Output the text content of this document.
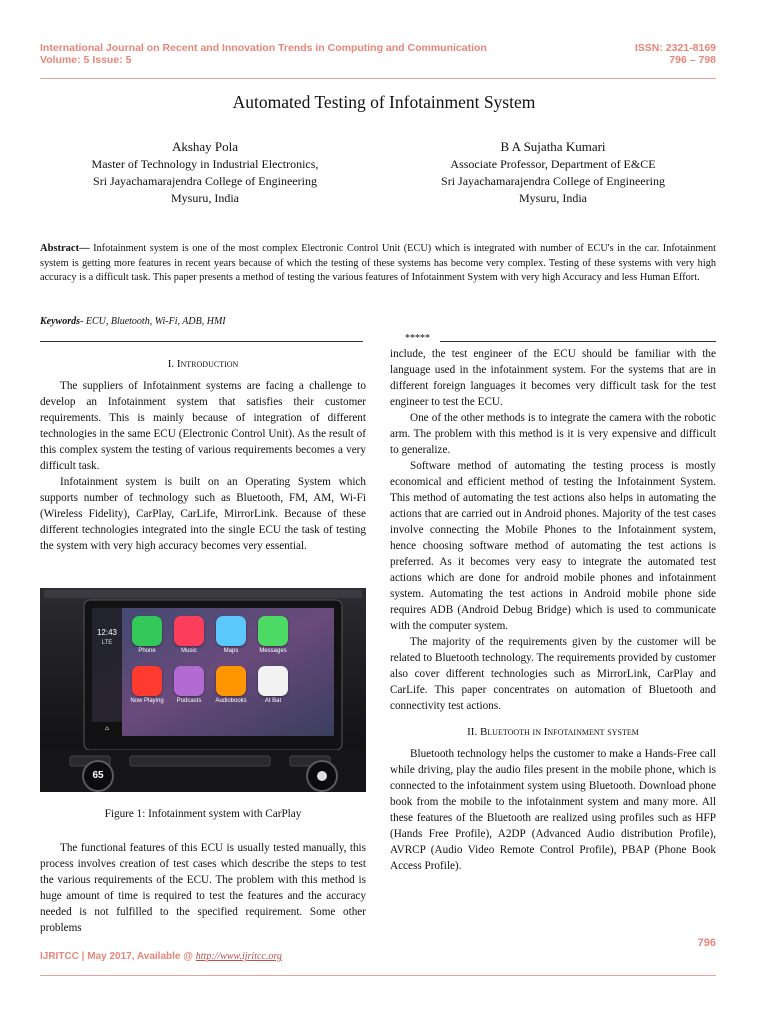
International Journal on Recent and Innovation Trends in Computing and Communication
Volume: 5 Issue: 5
ISSN: 2321-8169
796 – 798
Automated Testing of Infotainment System
Akshay Pola
Master of Technology in Industrial Electronics,
Sri Jayachamarajendra College of Engineering
Mysuru, India
B A Sujatha Kumari
Associate Professor, Department of E&CE
Sri Jayachamarajendra College of Engineering
Mysuru, India
Abstract— Infotainment system is one of the most complex Electronic Control Unit (ECU) which is integrated with number of ECU's in the car. Infotainment system is getting more features in recent years because of which the testing of these systems has become very complex. Testing of these systems with very high accuracy is a difficult task. This paper presents a method of testing the various features of Infotainment System with very high Accuracy and less Human Effort.
Keywords- ECU, Bluetooth, Wi-Fi, ADB, HMI
*****
I. Introduction

The suppliers of Infotainment systems are facing a challenge to develop an Infotainment system that satisfies their customer requirements. This is mainly because of integration of different technologies in the same ECU (Electronic Control Unit). As the result of this complex system the testing of various requirements becomes a very difficult task.

Infotainment system is built on an Operating System which supports number of technology such as Bluetooth, FM, AM, Wi-Fi (Wireless Fidelity), CarPlay, CarLife, MirrorLink. Because of these different technologies integrated into the single ECU the task of testing the system with very high accuracy becomes very essential.

⌂
12:43
LTE
65
Phone	Music	Maps	Messages
Now Playing	Podcasts	Audiobooks	At Bat
Figure 1: Infotainment system with CarPlay

The functional features of this ECU is usually tested manually, this process involves creation of test cases which describe the steps to test the various requirements of the ECU. The problem with this method is huge amount of time is required to test the features and the accuracy needed is not fulfilled to the specified requirement. Some other problems

include, the test engineer of the ECU should be familiar with the language used in the infotainment system. For the systems that are in different foreign languages it becomes very difficult task for the test engineer to test the ECU.

One of the other methods is to integrate the camera with the robotic arm. The problem with this method is it is very expensive and difficult to generalize.

Software method of automating the testing process is mostly economical and efficient method of testing the Infotainment System. This method of automating the test actions also helps in automating the actions that are carried out in Android phones. Majority of the test cases involve connecting the Mobile Phones to the Infotainment system, hence choosing software method of automating the test actions is preferred. As it becomes very easy to integrate the automated test actions which are done for android mobile phones and infotainment system. Automating the test actions in Android mobile phone side requires ADB (Android Debug Bridge) which is used to communicate with the computer system.

The majority of the requirements given by the customer will be related to Bluetooth technology. The requirements provided by customer also cover different technologies such as MirrorLink, CarPlay and CarLife. This paper concentrates on automation of Bluetooth and connectivity test actions.

II. Bluetooth in Infotainment system

Bluetooth technology helps the customer to make a Hands-Free call while driving, play the audio files present in the mobile phone, which is connected to the infotainment system using Bluetooth. Download phone book from the mobile to the infotainment system and many more. All these features of the Bluetooth are realized using profiles such as HFP (Hands Free Profile), A2DP (Advanced Audio distribution Profile), AVRCP (Audio Video Remote Control Profile), PBAP (Phone Book Access Profile).

796
IJRITCC | May 2017, Available @ http://www.ijritcc.org
